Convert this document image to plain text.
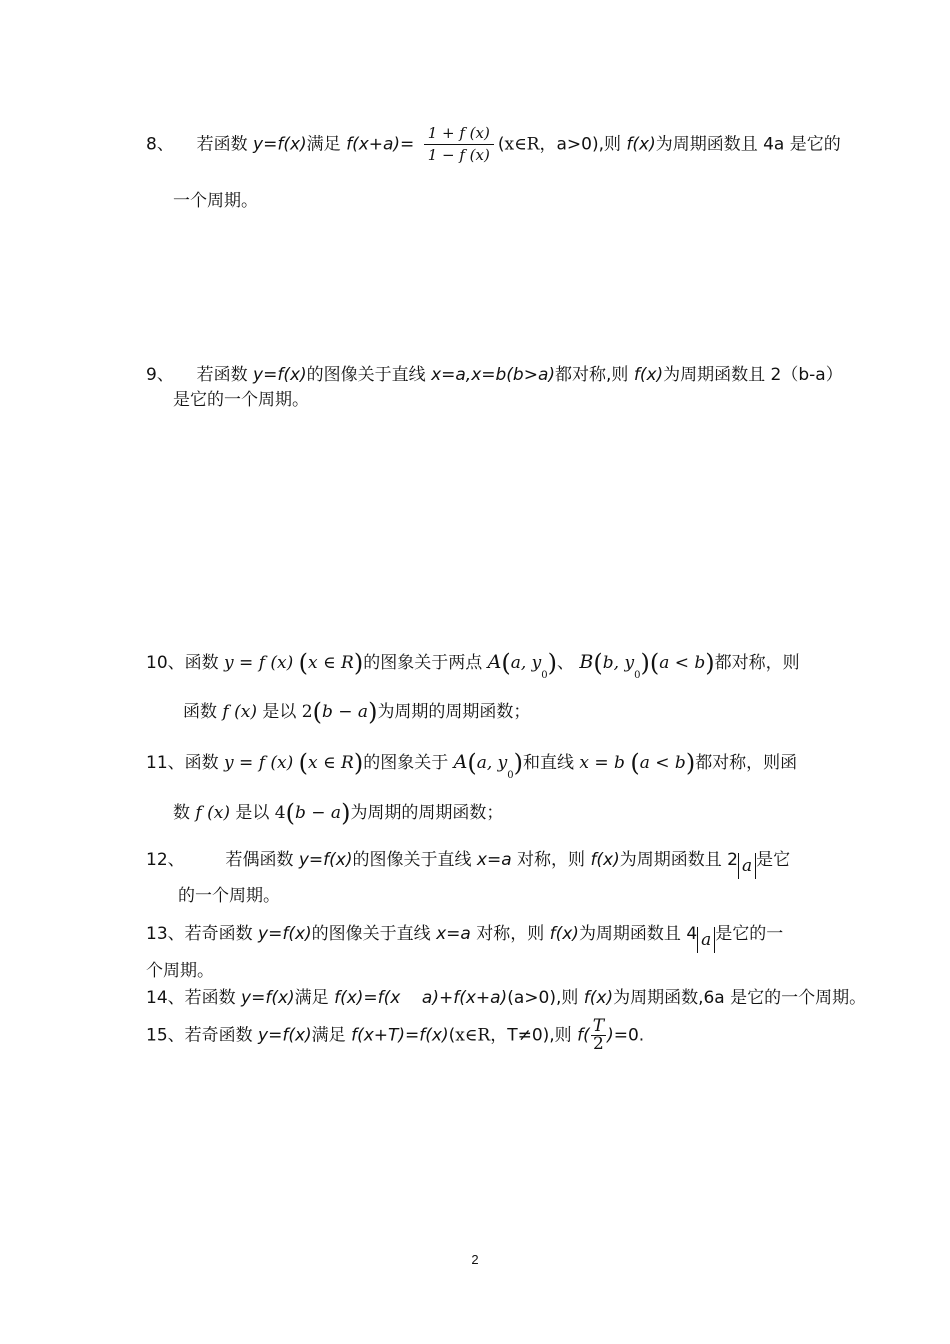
8、 若函数 y=f(x)满足 $f(x+a)= \frac{1 + f (x)}{1 - f (x)}$ (x∈R，a>0),则 f(x)为周期函数且 4a 是它的
一个周期。
9、 若函数 y=f(x)的图像关于直线 x=a,x=b(b>a)都对称,则 f(x)为周期函数且 2（b-a）
是它的一个周期。
10、函数 y = f (x) (x ∈ R)的图象关于两点 A(a, $y_0$)、 B(b, $y_0)(a < b)$都对称，则
函数 f (x) 是以 2(b − a)为周期的周期函数；
11、函数 y = f (x) (x ∈ R)的图象关于 A(a, $y_0$)和直线 x = b (a < b)都对称，则函
数 f (x) 是以 4(b − a)为周期的周期函数；
12、 若偶函数 y=f(x)的图像关于直线 x=a 对称，则 f(x)为周期函数且 2 a 是它
的一个周期。
13、若奇函数 y=f(x)的图像关于直线 x=a 对称，则 f(x)为周期函数且 4 a 是它的一
个周期。
14、若函数 y=f(x)满足 f(x)=f(x    a)+f(x+a)(a>0),则 f(x)为周期函数,6a 是它的一个周期。
15、若奇函数 y=f(x)满足 f(x+T)=f(x)(x∈R，T≠0),则 $f( \frac{T}{2} )=0$.
2
